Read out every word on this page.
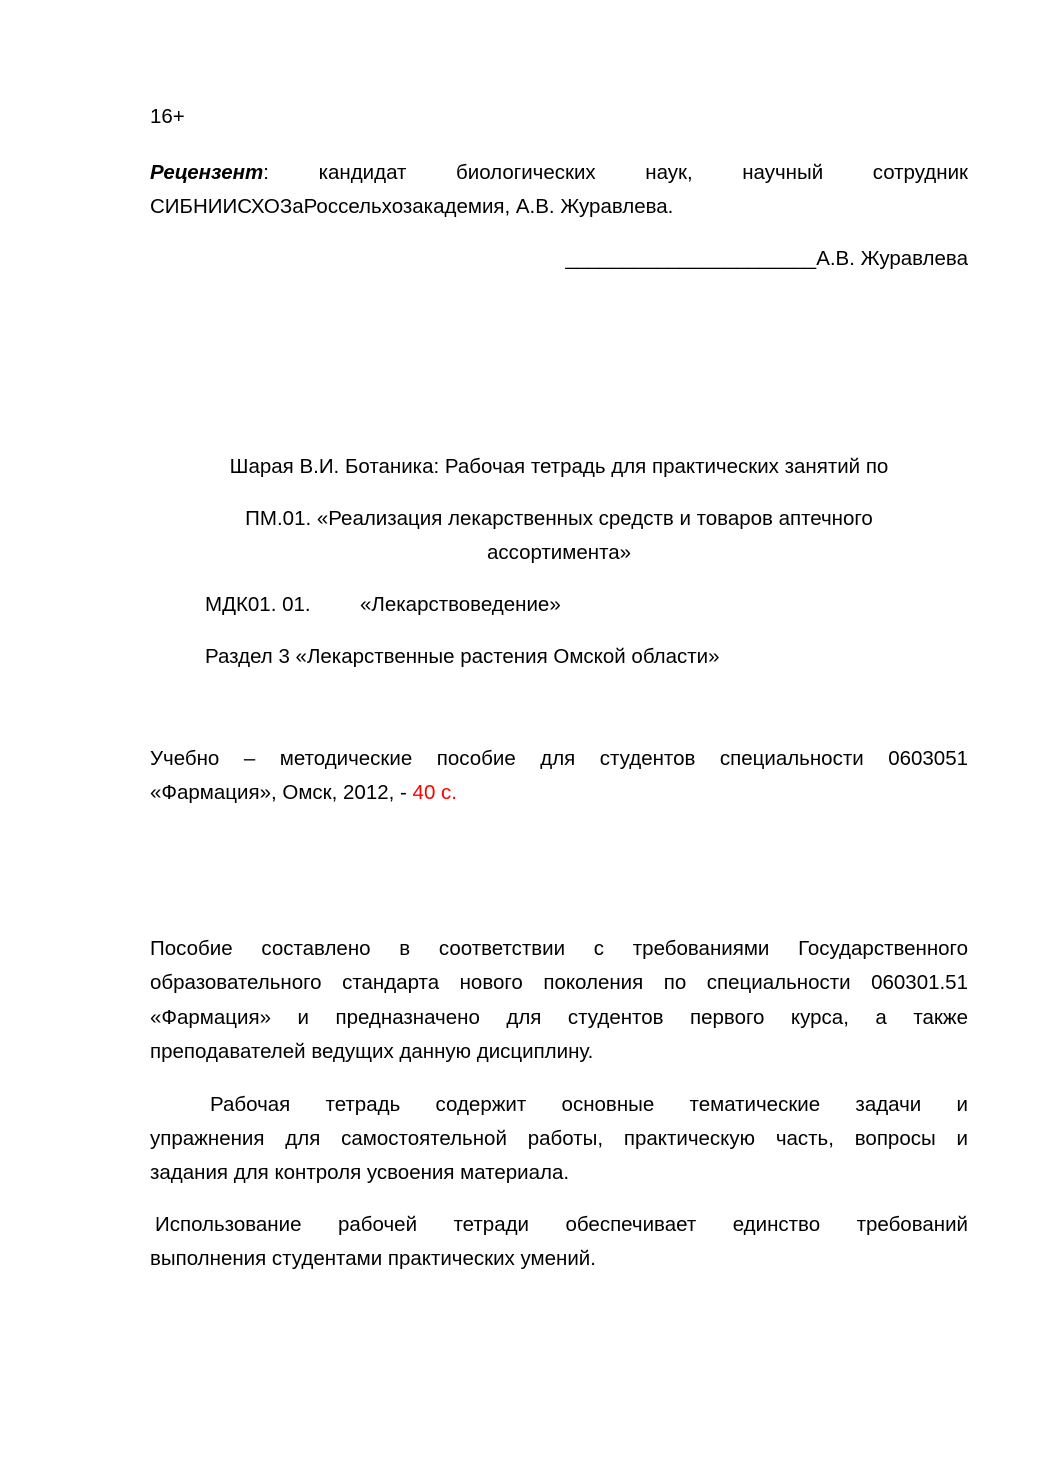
16+
Рецензент: кандидат биологических наук, научный сотрудник
СИБНИИСХОЗаРоссельхозакадемия, А.В. Журавлева.
______________________А.В. Журавлева
Шарая В.И. Ботаника: Рабочая тетрадь для практических занятий по
ПМ.01. «Реализация лекарственных средств и товаров аптечного
ассортимента»
МДК01. 01. «Лекарствоведение»
Раздел 3 «Лекарственные растения Омской области»
Учебно – методические пособие для студентов специальности 0603051
«Фармация», Омск, 2012, - 40 с.
Пособие составлено в соответствии с требованиями Государственного
образовательного стандарта нового поколения по специальности 060301.51
«Фармация» и предназначено для студентов первого курса, а также
преподавателей ведущих данную дисциплину.
Рабочая тетрадь содержит основные тематические задачи и
упражнения для самостоятельной работы, практическую часть, вопросы и
задания для контроля усвоения материала.
Использование рабочей тетради обеспечивает единство требований
выполнения студентами практических умений.
